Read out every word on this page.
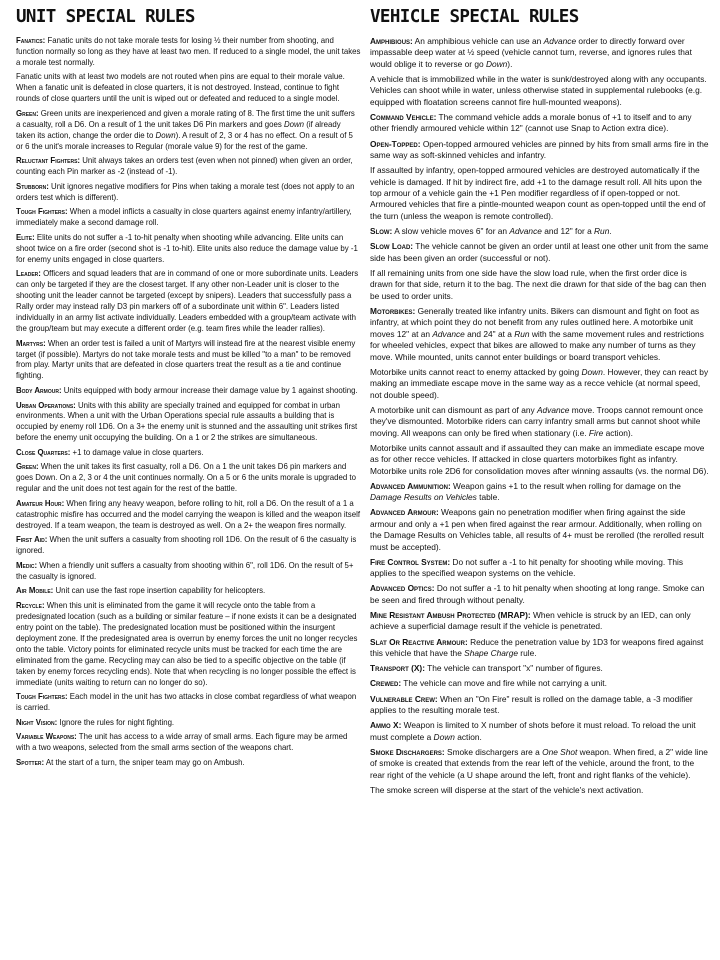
UNIT SPECIAL RULES

Fanatics: Fanatic units do not take morale tests for losing ½ their number from shooting, and function normally so long as they have at least two men. If reduced to a single model, the unit takes a morale test normally.

Fanatic units with at least two models are not routed when pins are equal to their morale value. When a fanatic unit is defeated in close quarters, it is not destroyed. Instead, continue to fight rounds of close quarters until the unit is wiped out or defeated and reduced to a single model.

Green: Green units are inexperienced and given a morale rating of 8. The first time the unit suffers a casualty, roll a D6. On a result of 1 the unit takes D6 Pin markers and goes Down (if already taken its action, change the order die to Down). A result of 2, 3 or 4 has no effect. On a result of 5 or 6 the unit's morale increases to Regular (morale value 9) for the rest of the game.

Reluctant Fighters: Unit always takes an orders test (even when not pinned) when given an order, counting each Pin marker as -2 (instead of -1).

Stubborn: Unit ignores negative modifiers for Pins when taking a morale test (does not apply to an orders test which is different).

Tough Fighters: When a model inflicts a casualty in close quarters against enemy infantry/artillery, immediately make a second damage roll.

Elite: Elite units do not suffer a -1 to-hit penalty when shooting while advancing. Elite units can shoot twice on a fire order (second shot is -1 to-hit). Elite units also reduce the damage value by -1 for enemy units engaged in close quarters.

Leader: Officers and squad leaders that are in command of one or more subordinate units. Leaders can only be targeted if they are the closest target. If any other non-Leader unit is closer to the shooting unit the leader cannot be targeted (except by snipers). Leaders that successfully pass a Rally order may instead rally D3 pin markers off of a subordinate unit within 6". Leaders listed individually in an army list activate individually. Leaders embedded with a group/team activate with the group/team but may execute a different order (e.g. team fires while the leader rallies).

Martyrs: When an order test is failed a unit of Martyrs will instead fire at the nearest visible enemy target (if possible). Martyrs do not take morale tests and must be killed "to a man" to be removed from play. Martyr units that are defeated in close quarters treat the result as a tie and continue fighting.

Body Armour: Units equipped with body armour increase their damage value by 1 against shooting.

Urban Operations: Units with this ability are specially trained and equipped for combat in urban environments. When a unit with the Urban Operations special rule assaults a building that is occupied by enemy roll 1D6. On a 3+ the enemy unit is stunned and the assaulting unit strikes first before the enemy unit occupying the building. On a 1 or 2 the strikes are simultaneous.

Close Quarters: +1 to damage value in close quarters.

Green: When the unit takes its first casualty, roll a D6. On a 1 the unit takes D6 pin markers and goes Down. On a 2, 3 or 4 the unit continues normally. On a 5 or 6 the units morale is upgraded to regular and the unit does not test again for the rest of the battle.

Amateur Hour: When firing any heavy weapon, before rolling to hit, roll a D6. On the result of a 1 a catastrophic misfire has occurred and the model carrying the weapon is killed and the weapon itself destroyed. If a team weapon, the team is destroyed as well. On a 2+ the weapon fires normally.

First Aid: When the unit suffers a casualty from shooting roll 1D6. On the result of 6 the casualty is ignored.

Medic: When a friendly unit suffers a casualty from shooting within 6", roll 1D6. On the result of 5+ the casualty is ignored.

Air Mobile: Unit can use the fast rope insertion capability for helicopters.

Recycle: When this unit is eliminated from the game it will recycle onto the table from a predesignated location (such as a building or similar feature – if none exists it can be a designated entry point on the table). The predesignated location must be positioned within the insurgent deployment zone. If the predesignated area is overrun by enemy forces the unit no longer recycles onto the table. Victory points for eliminated recycle units must be tracked for each time the are eliminated from the game. Recycling may can also be tied to a specific objective on the table (if taken by enemy forces recycling ends). Note that when recycling is no longer possible the effect is immediate (units waiting to return can no longer do so).

Tough Fighters: Each model in the unit has two attacks in close combat regardless of what weapon is carried.

Night Vision: Ignore the rules for night fighting.

Variable Weapons: The unit has access to a wide array of small arms. Each figure may be armed with a two weapons, selected from the small arms section of the weapons chart.

Spotter: At the start of a turn, the sniper team may go on Ambush.

VEHICLE SPECIAL RULES

Amphibious: An amphibious vehicle can use an Advance order to directly forward over impassable deep water at ½ speed (vehicle cannot turn, reverse, and ignores rules that would oblige it to reverse or go Down).

A vehicle that is immobilized while in the water is sunk/destroyed along with any occupants. Vehicles can shoot while in water, unless otherwise stated in supplemental rulebooks (e.g. equipped with floatation screens cannot fire hull-mounted weapons).

Command Vehicle: The command vehicle adds a morale bonus of +1 to itself and to any other friendly armoured vehicle within 12" (cannot use Snap to Action extra dice).

Open-Topped: Open-topped armoured vehicles are pinned by hits from small arms fire in the same way as soft-skinned vehicles and infantry.

If assaulted by infantry, open-topped armoured vehicles are destroyed automatically if the vehicle is damaged. If hit by indirect fire, add +1 to the damage result roll. All hits upon the top armour of a vehicle gain the +1 Pen modifier regardless of if open-topped or not. Armoured vehicles that fire a pintle-mounted weapon count as open-topped until the end of the turn (unless the weapon is remote controlled).

Slow: A slow vehicle moves 6" for an Advance and 12" for a Run.

Slow Load: The vehicle cannot be given an order until at least one other unit from the same side has been given an order (successful or not).

If all remaining units from one side have the slow load rule, when the first order dice is drawn for that side, return it to the bag. The next die drawn for that side of the bag can then be used to order units.

Motorbikes: Generally treated like infantry units. Bikers can dismount and fight on foot as infantry, at which point they do not benefit from any rules outlined here. A motorbike unit moves 12" at an Advance and 24" at a Run with the same movement rules and restrictions for wheeled vehicles, expect that bikes are allowed to make any number of turns as they move. While mounted, units cannot enter buildings or board transport vehicles.

Motorbike units cannot react to enemy attacked by going Down. However, they can react by making an immediate escape move in the same way as a recce vehicle (at normal speed, not double speed).

A motorbike unit can dismount as part of any Advance move. Troops cannot remount once they've dismounted. Motorbike riders can carry infantry small arms but cannot shoot while moving. All weapons can only be fired when stationary (i.e. Fire action).

Motorbike units cannot assault and if assaulted they can make an immediate escape move as for other recce vehicles. If attacked in close quarters motorbikes fight as infantry. Motorbike units role 2D6 for consolidation moves after winning assaults (vs. the normal D6).

Advanced Ammunition: Weapon gains +1 to the result when rolling for damage on the Damage Results on Vehicles table.

Advanced Armour: Weapons gain no penetration modifier when firing against the side armour and only a +1 pen when fired against the rear armour. Additionally, when rolling on the Damage Results on Vehicles table, all results of 4+ must be rerolled (the rerolled result must be accepted).

Fire Control System: Do not suffer a -1 to hit penalty for shooting while moving. This applies to the specified weapon systems on the vehicle.

Advanced Optics: Do not suffer a -1 to hit penalty when shooting at long range. Smoke can be seen and fired through without penalty.

Mine Resistant Ambush Protected (MRAP): When vehicle is struck by an IED, can only achieve a superficial damage result if the vehicle is penetrated.

Slat Or Reactive Armour: Reduce the penetration value by 1D3 for weapons fired against this vehicle that have the Shape Charge rule.

Transport (X): The vehicle can transport "x" number of figures.

Crewed: The vehicle can move and fire while not carrying a unit.

Vulnerable Crew: When an "On Fire" result is rolled on the damage table, a -3 modifier applies to the resulting morale test.

Ammo X: Weapon is limited to X number of shots before it must reload. To reload the unit must complete a Down action.

Smoke Dischargers: Smoke dischargers are a One Shot weapon. When fired, a 2" wide line of smoke is created that extends from the rear left of the vehicle, around the front, to the rear right of the vehicle (a U shape around the left, front and right flanks of the vehicle).

The smoke screen will disperse at the start of the vehicle's next activation.
